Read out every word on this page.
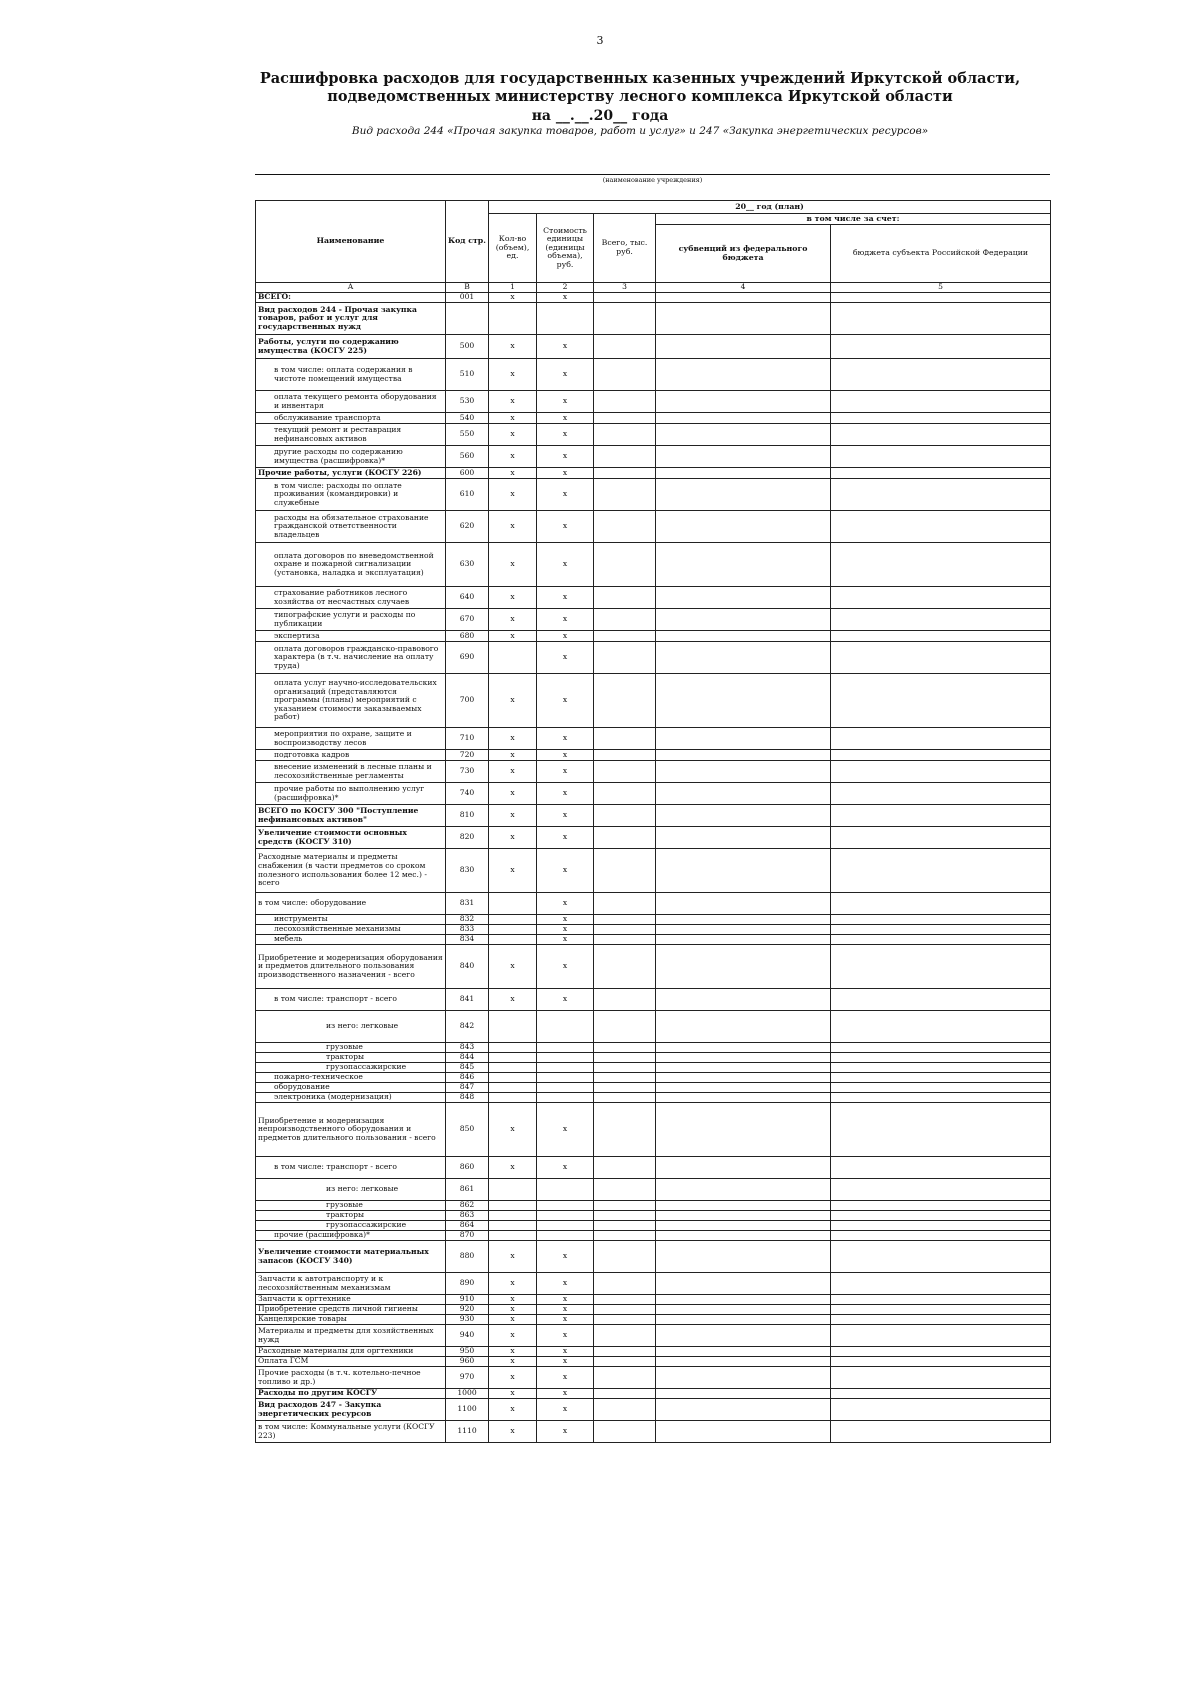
3
Расшифровка расходов для государственных казенных учреждений Иркутской области, подведомственных министерству лесного комплекса Иркутской области
на __.__.20__ года
Вид расхода 244 «Прочая закупка товаров, работ и услуг» и 247 «Закупка энергетических ресурсов»
(наименование учреждения)
Наименование	Код стр.	20__ год (план)				
		Кол-во (объем), ед.	Стоимость единицы (единицы объема), руб.	Всего, тыс. руб.	в том числе за счет:	
					субвенций из федерального бюджета	бюджета субъекта Российской Федерации
А	В	1	2	3	4	5
ВСЕГО:	001	x	x			
Вид расходов 244 - Прочая закупка товаров, работ и услуг для государственных нужд						
Работы, услуги по содержанию имущества (КОСГУ 225)	500	x	x			
в том числе: оплата содержания в чистоте помещений имущества	510	x	x			
оплата текущего ремонта оборудования и инвентаря	530	x	x			
обслуживание транспорта	540	x	x			
текущий ремонт и реставрация нефинансовых активов	550	x	x			
другие расходы по содержанию имущества (расшифровка)*	560	x	x			
Прочие работы, услуги (КОСГУ 226)	600	x	x			
в том числе: расходы по оплате проживания (командировки) и служебные	610	x	x			
расходы на обязательное страхование гражданской ответственности владельцев	620	x	x			
оплата договоров по вневедомственной охране и пожарной сигнализации (установка, наладка и эксплуатация)	630	x	x			
страхование работников лесного хозяйства от несчастных случаев	640	x	x			
типографские услуги и расходы по публикации	670	x	x			
экспертиза	680	x	x			
оплата договоров гражданско-правового характера (в т.ч. начисление на оплату труда)	690		x			
оплата услуг научно-исследовательских организаций (представляются программы (планы) мероприятий с указанием стоимости заказываемых работ)	700	x	x			
мероприятия по охране, защите и воспроизводству лесов	710	x	x			
подготовка кадров	720	x	x			
внесение изменений в лесные планы и лесохозяйственные регламенты	730	x	x			
прочие работы по выполнению услуг (расшифровка)*	740	x	x			
ВСЕГО по КОСГУ 300 "Поступление нефинансовых активов"	810	x	x			
Увеличение стоимости основных средств (КОСГУ 310)	820	x	x			
Расходные материалы и предметы снабжения (в части предметов со сроком полезного использования более 12 мес.) - всего	830	x	x			
в том числе: оборудование	831		x			
инструменты	832		x			
лесохозяйственные механизмы	833		x			
мебель	834		x			
Приобретение и модернизация оборудования и предметов длительного пользования производственного назначения - всего	840	x	x			
в том числе: транспорт - всего	841	x	x			
из него: легковые	842					
грузовые	843					
тракторы	844					
грузопассажирские	845					
пожарно-техническое	846					
оборудование	847					
электроника (модернизация)	848					
Приобретение и модернизация непроизводственного оборудования и предметов длительного пользования - всего	850	x	x			
в том числе: транспорт - всего	860	x	x			
из него: легковые	861					
грузовые	862					
тракторы	863					
грузопассажирские	864					
прочие (расшифровка)*	870					
Увеличение стоимости материальных запасов (КОСГУ 340)	880	x	x			
Запчасти к автотранспорту и к лесохозяйственным механизмам	890	x	x			
Запчасти к оргтехнике	910	x	x			
Приобретение средств личной гигиены	920	x	x			
Канцелярские товары	930	x	x			
Материалы и предметы для хозяйственных нужд	940	x	x			
Расходные материалы для оргтехники	950	x	x			
Оплата ГСМ	960	x	x			
Прочие расходы (в т.ч. котельно-печное топливо и др.)	970	x	x			
Расходы по другим КОСГУ	1000	x	x			
Вид расходов 247 - Закупка энергетических ресурсов	1100	x	x			
в том числе: Коммунальные услуги (КОСГУ 223)	1110	x	x			
